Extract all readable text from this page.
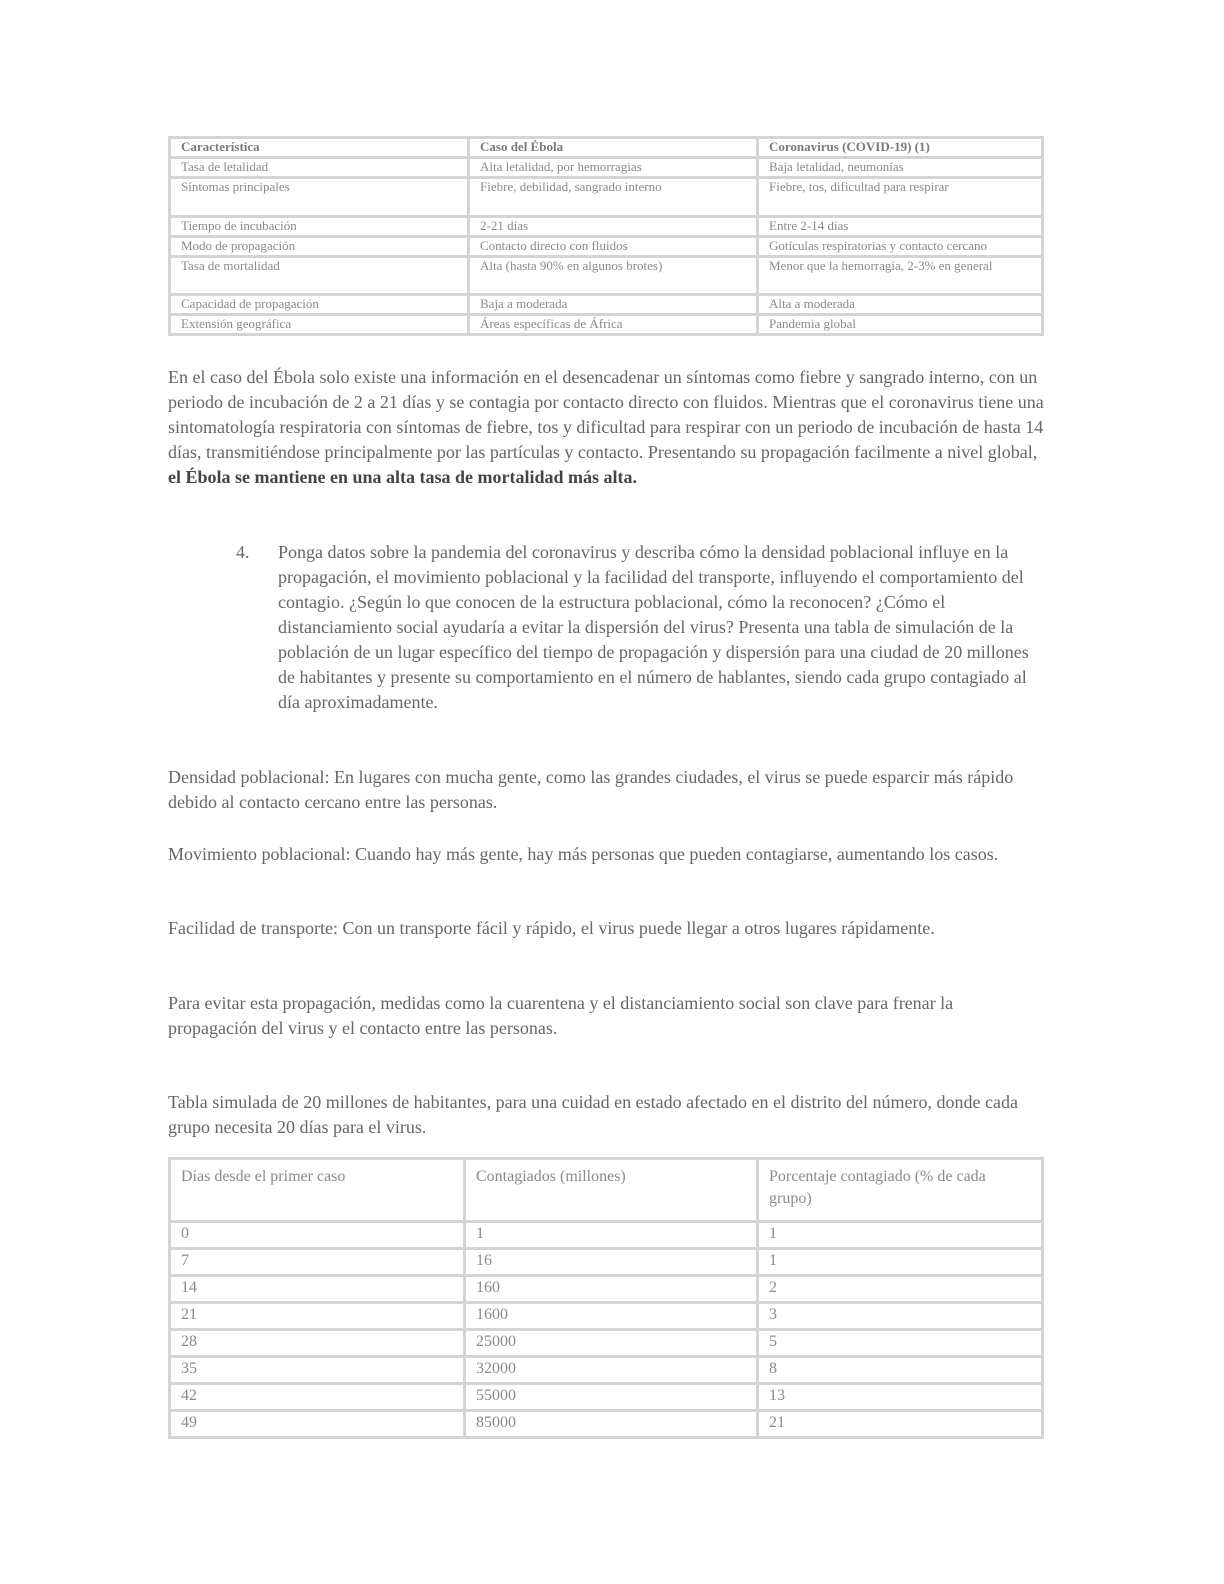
Característica	Caso del Ébola	Coronavirus (COVID-19) (1)
Tasa de letalidad	Alta letalidad, por hemorragias	Baja letalidad, neumonías
Síntomas principales	Fiebre, debilidad, sangrado interno	Fiebre, tos, dificultad para respirar
Tiempo de incubación	2-21 días	Entre 2-14 días
Modo de propagación	Contacto directo con fluidos	Gotículas respiratorias y contacto cercano
Tasa de mortalidad	Alta (hasta 90% en algunos brotes)	Menor que la hemorragia, 2-3% en general
Capacidad de propagación	Baja a moderada	Alta a moderada
Extensión geográfica	Áreas específicas de África	Pandemia global

En el caso del Ébola solo existe una información en el desencadenar un síntomas como fiebre y sangrado interno, con un periodo de incubación de 2 a 21 días y se contagia por contacto directo con fluidos. Mientras que el coronavirus tiene una sintomatología respiratoria con síntomas de fiebre, tos y dificultad para respirar con un periodo de incubación de hasta 14 días, transmitiéndose principalmente por las partículas y contacto. Presentando su propagación facilmente a nivel global, el Ébola se mantiene en una alta tasa de mortalidad más alta.

4. Ponga datos sobre la pandemia del coronavirus y describa cómo la densidad poblacional influye en la propagación, el movimiento poblacional y la facilidad del transporte, influyendo el comportamiento del contagio. ¿Según lo que conocen de la estructura poblacional, cómo la reconocen? ¿Cómo el distanciamiento social ayudaría a evitar la dispersión del virus? Presenta una tabla de simulación de la población de un lugar específico del tiempo de propagación y dispersión para una ciudad de 20 millones de habitantes y presente su comportamiento en el número de hablantes, siendo cada grupo contagiado al día aproximadamente.

Densidad poblacional: En lugares con mucha gente, como las grandes ciudades, el virus se puede esparcir más rápido debido al contacto cercano entre las personas.

Movimiento poblacional: Cuando hay más gente, hay más personas que pueden contagiarse, aumentando los casos.

Facilidad de transporte: Con un transporte fácil y rápido, el virus puede llegar a otros lugares rápidamente.

Para evitar esta propagación, medidas como la cuarentena y el distanciamiento social son clave para frenar la propagación del virus y el contacto entre las personas.

Tabla simulada de 20 millones de habitantes, para una cuidad en estado afectado en el distrito del número, donde cada grupo necesita 20 días para el virus.

Días desde el primer caso	Contagiados (millones)	Porcentaje contagiado (% de cada grupo)
0	1	1
7	16	1
14	160	2
21	1600	3
28	25000	5
35	32000	8
42	55000	13
49	85000	21
